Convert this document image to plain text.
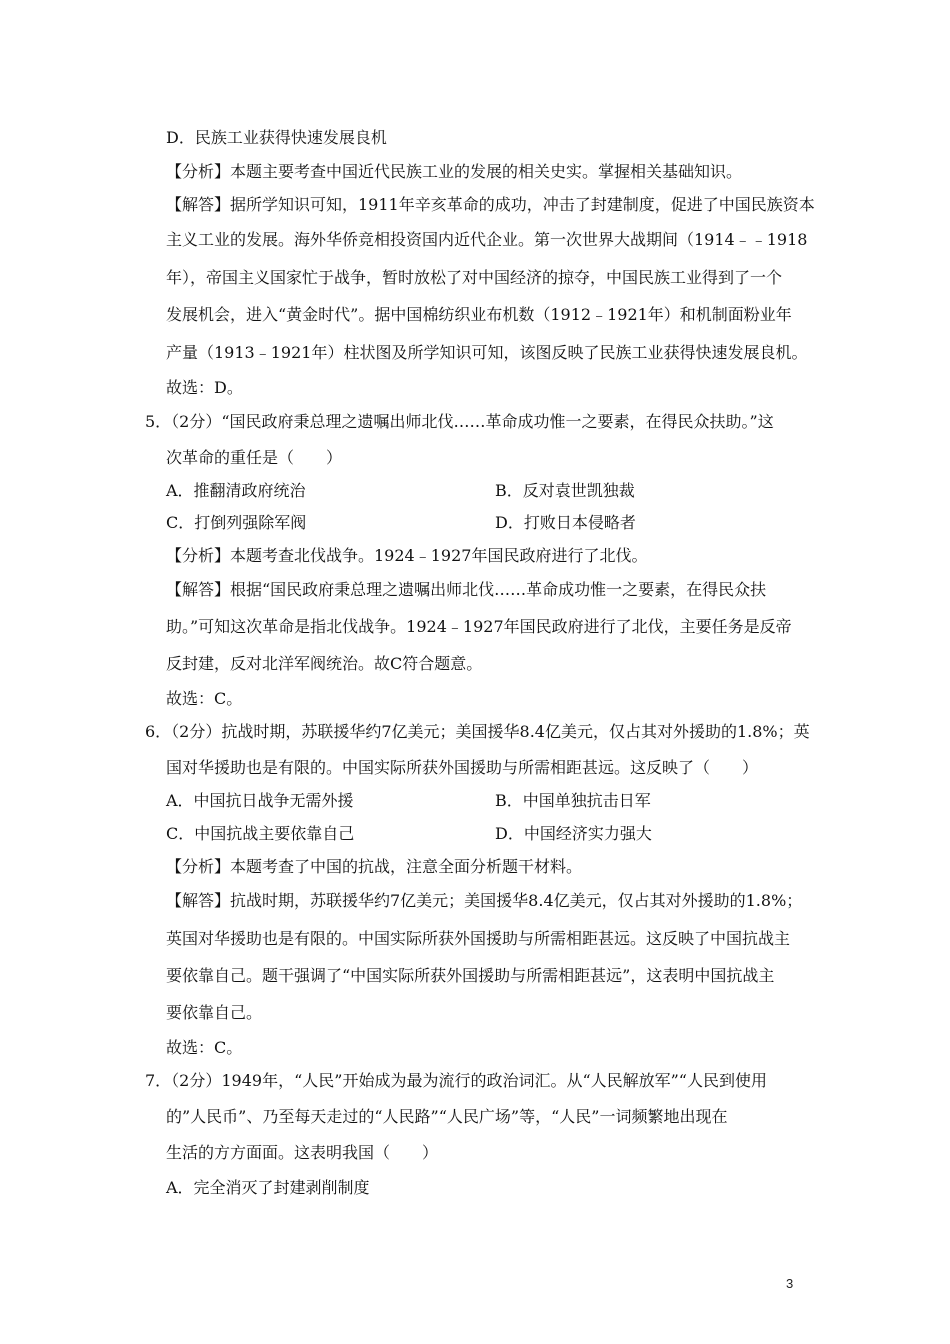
D．民族工业获得快速发展良机
【分析】本题主要考查中国近代民族工业的发展的相关史实。掌握相关基础知识。
【解答】据所学知识可知，1911年辛亥革命的成功，冲击了封建制度，促进了中国民族资本
主义工业的发展。海外华侨竞相投资国内近代企业。第一次世界大战期间（1914﹣﹣1918
年），帝国主义国家忙于战争，暂时放松了对中国经济的掠夺，中国民族工业得到了一个
发展机会，进入“黄金时代”。据中国棉纺织业布机数（1912﹣1921年）和机制面粉业年
产量（1913﹣1921年）柱状图及所学知识可知，该图反映了民族工业获得快速发展良机。
故选：D。
5．（2分）“国民政府秉总理之遗嘱出师北伐……革命成功惟一之要素，在得民众扶助。”这
次革命的重任是（　　）
A．推翻清政府统治	B．反对袁世凯独裁
C．打倒列强除军阀	D．打败日本侵略者
【分析】本题考查北伐战争。1924﹣1927年国民政府进行了北伐。
【解答】根据“国民政府秉总理之遗嘱出师北伐……革命成功惟一之要素，在得民众扶
助。”可知这次革命是指北伐战争。1924﹣1927年国民政府进行了北伐，主要任务是反帝
反封建，反对北洋军阀统治。故C符合题意。
故选：C。
6．（2分）抗战时期，苏联援华约7亿美元；美国援华8.4亿美元，仅占其对外援助的1.8%；英
国对华援助也是有限的。中国实际所获外国援助与所需相距甚远。这反映了（　　）
A．中国抗日战争无需外援	B．中国单独抗击日军
C．中国抗战主要依靠自己	D．中国经济实力强大
【分析】本题考查了中国的抗战，注意全面分析题干材料。
【解答】抗战时期，苏联援华约7亿美元；美国援华8.4亿美元，仅占其对外援助的1.8%；
英国对华援助也是有限的。中国实际所获外国援助与所需相距甚远。这反映了中国抗战主
要依靠自己。题干强调了“中国实际所获外国援助与所需相距甚远”，这表明中国抗战主
要依靠自己。
故选：C。
7．（2分）1949年，“人民”开始成为最为流行的政治词汇。从“人民解放军”“人民到使用
的”人民币”、乃至每天走过的“人民路”“人民广场”等，“人民”一词频繁地出现在
生活的方方面面。这表明我国（　　）
A．完全消灭了封建剥削制度
3
